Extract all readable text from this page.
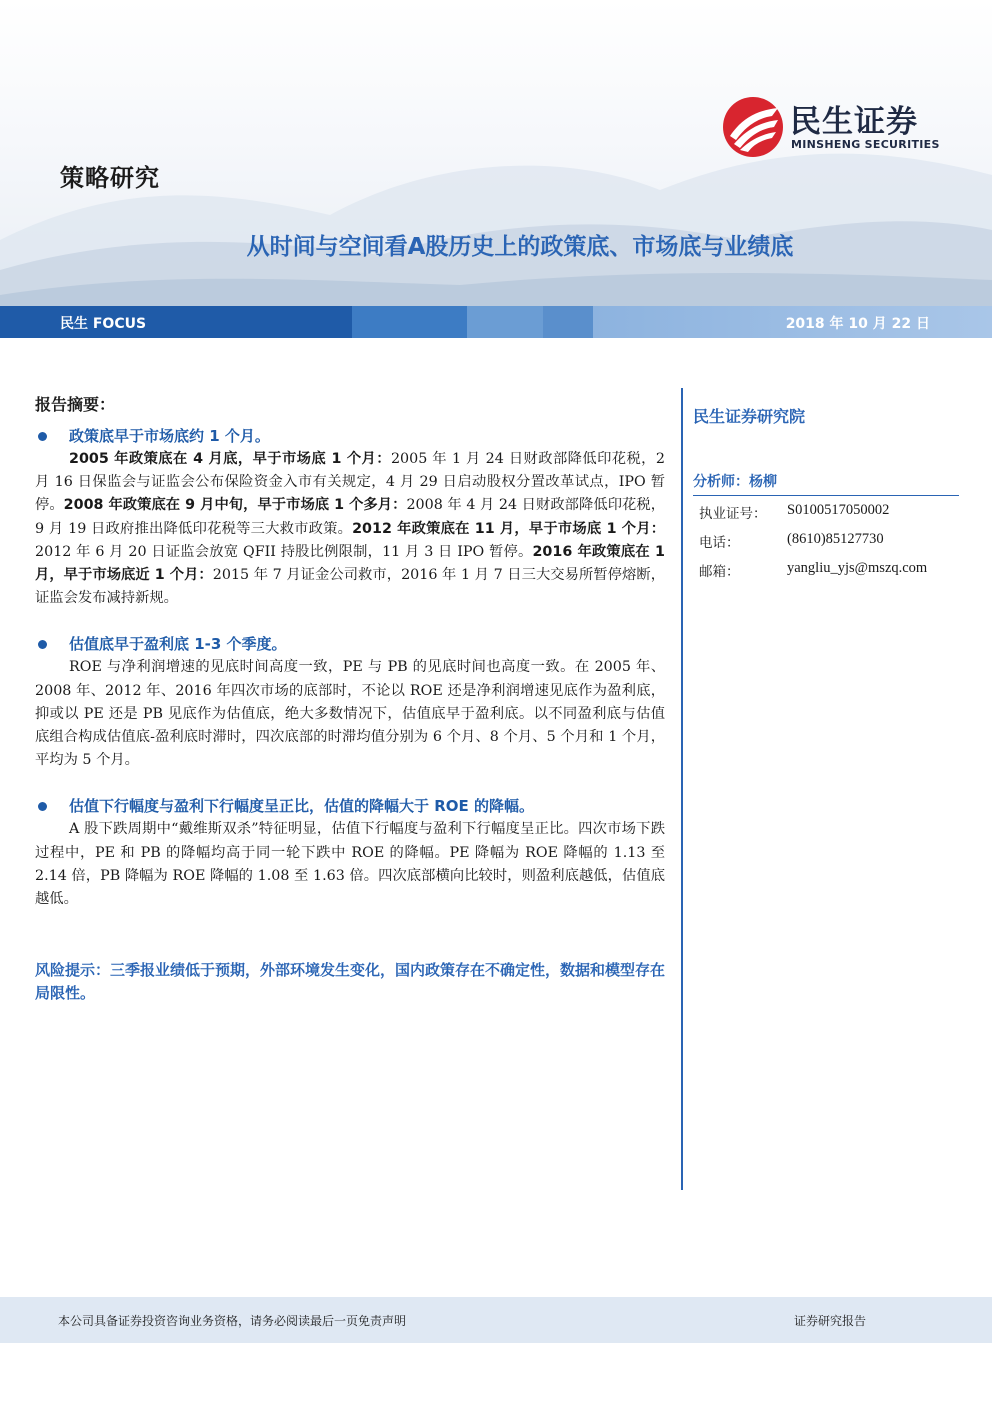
民生证券
MINSHENG SECURITIES
策略研究
从时间与空间看A股历史上的政策底、市场底与业绩底
民生 FOCUS	2018 年 10 月 22 日
报告摘要：
政策底早于市场底约 1 个月。
2005 年政策底在 4 月底，早于市场底 1 个月：2005 年 1 月 24 日财政部降低印花税，2 月 16 日保监会与证监会公布保险资金入市有关规定，4 月 29 日启动股权分置改革试点，IPO 暂停。2008 年政策底在 9 月中旬，早于市场底 1 个多月：2008 年 4 月 24 日财政部降低印花税，9 月 19 日政府推出降低印花税等三大救市政策。2012 年政策底在 11 月，早于市场底 1 个月：2012 年 6 月 20 日证监会放宽 QFII 持股比例限制，11 月 3 日 IPO 暂停。2016 年政策底在 1 月，早于市场底近 1 个月：2015 年 7 月证金公司救市，2016 年 1 月 7 日三大交易所暂停熔断，证监会发布减持新规。
估值底早于盈利底 1-3 个季度。
ROE 与净利润增速的见底时间高度一致，PE 与 PB 的见底时间也高度一致。在 2005 年、2008 年、2012 年、2016 年四次市场的底部时，不论以 ROE 还是净利润增速见底作为盈利底，抑或以 PE 还是 PB 见底作为估值底，绝大多数情况下，估值底早于盈利底。以不同盈利底与估值底组合构成估值底-盈利底时滞时，四次底部的时滞均值分别为 6 个月、8 个月、5 个月和 1 个月，平均为 5 个月。
估值下行幅度与盈利下行幅度呈正比，估值的降幅大于 ROE 的降幅。
A 股下跌周期中“戴维斯双杀”特征明显，估值下行幅度与盈利下行幅度呈正比。四次市场下跌过程中，PE 和 PB 的降幅均高于同一轮下跌中 ROE 的降幅。PE 降幅为 ROE 降幅的 1.13 至 2.14 倍，PB 降幅为 ROE 降幅的 1.08 至 1.63 倍。四次底部横向比较时，则盈利底越低，估值底越低。
风险提示：三季报业绩低于预期，外部环境发生变化，国内政策存在不确定性，数据和模型存在局限性。
民生证券研究院
分析师：杨柳
执业证号： S0100517050002
电话：	(8610)85127730
邮箱：	yangliu_yjs@mszq.com
本公司具备证券投资咨询业务资格，请务必阅读最后一页免责声明	证券研究报告
